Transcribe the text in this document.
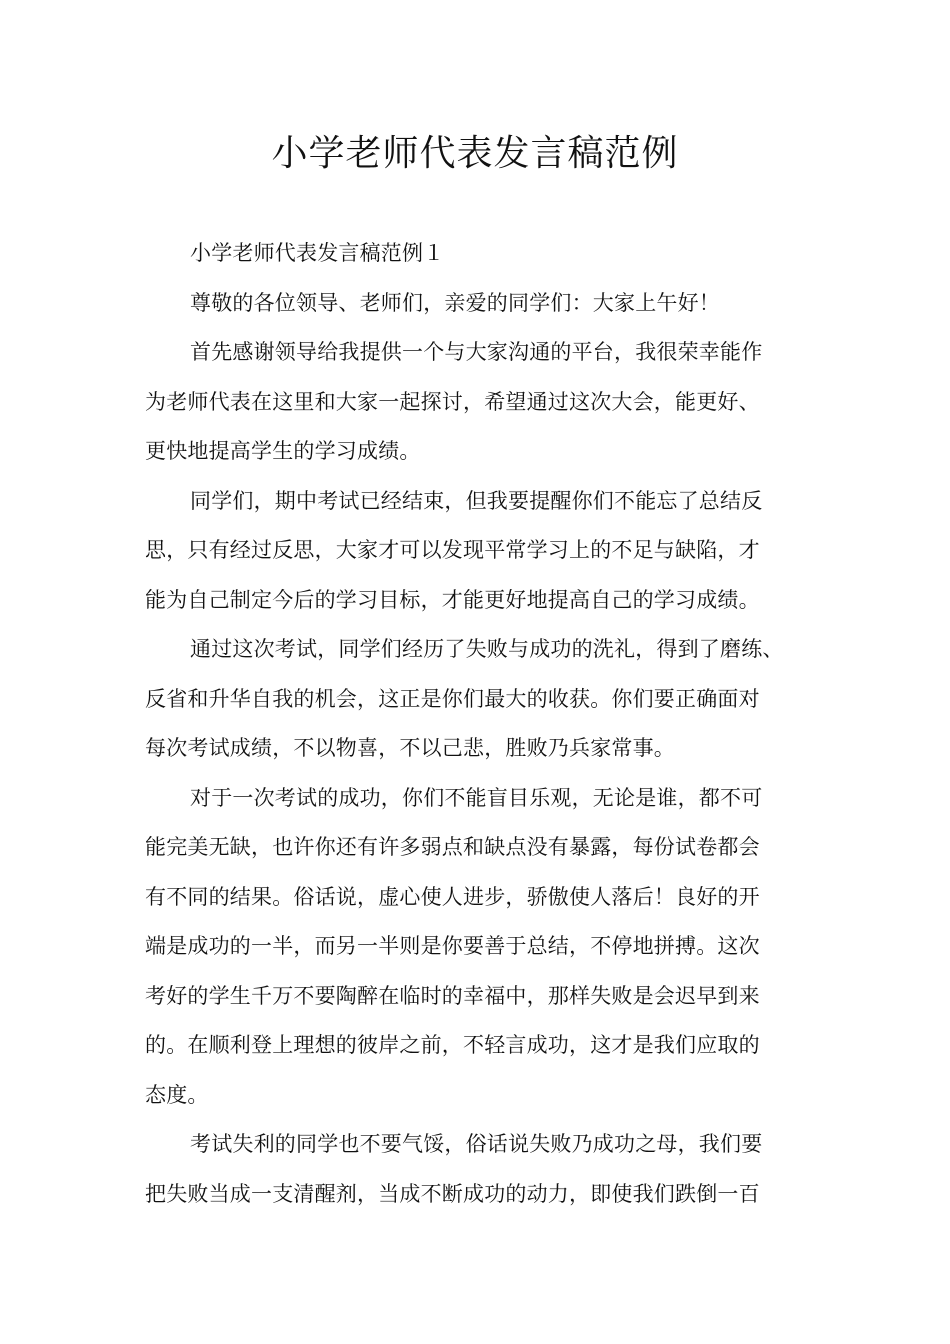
小学老师代表发言稿范例
小学老师代表发言稿范例１
尊敬的各位领导、老师们，亲爱的同学们：大家上午好！
首先感谢领导给我提供一个与大家沟通的平台，我很荣幸能作
为老师代表在这里和大家一起探讨，希望通过这次大会，能更好、
更快地提高学生的学习成绩。
同学们，期中考试已经结束，但我要提醒你们不能忘了总结反
思，只有经过反思，大家才可以发现平常学习上的不足与缺陷，才
能为自己制定今后的学习目标，才能更好地提高自己的学习成绩。
通过这次考试，同学们经历了失败与成功的洗礼，得到了磨练、
反省和升华自我的机会，这正是你们最大的收获。你们要正确面对
每次考试成绩，不以物喜，不以己悲，胜败乃兵家常事。
对于一次考试的成功，你们不能盲目乐观，无论是谁，都不可
能完美无缺，也许你还有许多弱点和缺点没有暴露，每份试卷都会
有不同的结果。俗话说，虚心使人进步，骄傲使人落后！良好的开
端是成功的一半，而另一半则是你要善于总结，不停地拼搏。这次
考好的学生千万不要陶醉在临时的幸福中，那样失败是会迟早到来
的。在顺利登上理想的彼岸之前，不轻言成功，这才是我们应取的
态度。
考试失利的同学也不要气馁，俗话说失败乃成功之母，我们要
把失败当成一支清醒剂，当成不断成功的动力，即使我们跌倒一百
